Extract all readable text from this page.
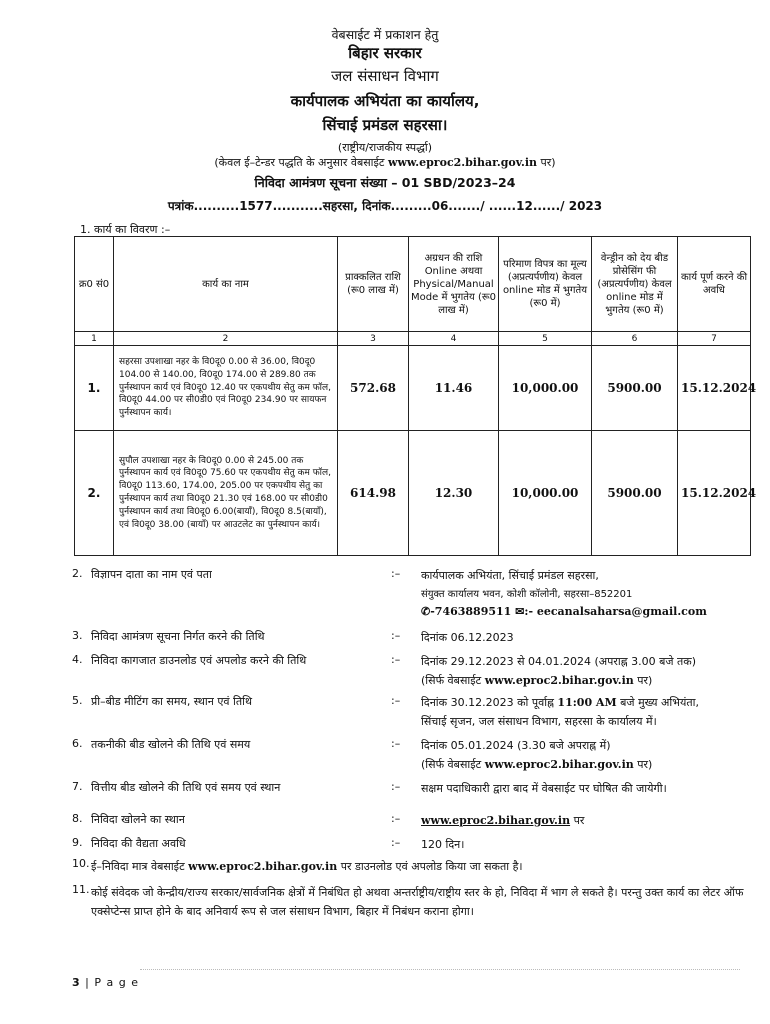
वेबसाईट में प्रकाशन हेतु
बिहार सरकार
जल संसाधन विभाग
कार्यपालक अभियंता का कार्यालय,
सिंचाई प्रमंडल सहरसा।
(राष्ट्रीय/राजकीय स्पर्द्धा)
(केवल ई–टेन्डर पद्धति के अनुसार वेबसाईट www.eproc2.bihar.gov.in पर)
निविदा आमंत्रण सूचना संख्या – 01 SBD/2023–24
पत्रांक..........1577...........सहरसा, दिनांक.........06......./ ......12....../ 2023
1. कार्य का विवरण :–
क्र0 सं0	कार्य का नाम	प्राक्कलित राशि (रू0 लाख में)	अग्रधन की राशि Online अथवा Physical/Manual Mode में भुगतेय (रू0 लाख में)	परिमाण विपत्र का मूल्य (अप्रत्यर्पणीय) केवल online मोड में भुगतेय (रू0 में)	वेन्ड्रीन को देय बीड प्रोसेसिंग फी (अप्रत्यर्पणीय) केवल online मोड में भुगतेय (रू0 में)	कार्य पूर्ण करने की अवधि
1	2	3	4	5	6	7
1.	सहरसा उपशाखा नहर के वि0दू0 0.00 से 36.00, वि0दू0 104.00 से 140.00, वि0दू0 174.00 से 289.80 तक पुर्नस्थापन कार्य एवं वि0दू0 12.40 पर एकपथीय सेतु कम फॉल, वि0दू0 44.00 पर सी0डी0 एवं नि0दू0 234.90 पर सायफन पुर्नस्थापन कार्य।	572.68	11.46	10,000.00	5900.00	15.12.2024
2.	सुपौल उपशाखा नहर के वि0दू0 0.00 से 245.00 तक पुर्नस्थापन कार्य एवं वि0दू0 75.60 पर एकपथीय सेतु कम फॉल, वि0दू0 113.60, 174.00, 205.00 पर एकपथीय सेतु का पुर्नस्थापन कार्य तथा वि0दू0 21.30 एवं 168.00 पर सी0डी0 पुर्नस्थापन कार्य तथा वि0दू0 6.00(बायाँ), वि0दू0 8.5(बायाँ), एवं वि0दू0 38.00 (बायाँ) पर आउटलेट का पुर्नस्थापन कार्य।	614.98	12.30	10,000.00	5900.00	15.12.2024
2. विज्ञापन दाता का नाम एवं पता	:– कार्यपालक अभियंता, सिंचाई प्रमंडल सहरसा,
संयुक्त कार्यालय भवन, कोशी कॉलोनी, सहरसा–852201
✆-7463889511 ✉:- eecanalsaharsa@gmail.com
3. निविदा आमंत्रण सूचना निर्गत करने की तिथि	:– दिनांक 06.12.2023
4. निविदा कागजात डाउनलोड एवं अपलोड करने की तिथि	:– दिनांक 29.12.2023 से 04.01.2024 (अपराह्न 3.00 बजे तक)
(सिर्फ वेबसाईट www.eproc2.bihar.gov.in पर)
5. प्री–बीड मीटिंग का समय, स्थान एवं तिथि	:– दिनांक 30.12.2023 को पूर्वाह्न 11:00 AM बजे मुख्य अभियंता,
सिंचाई सृजन, जल संसाधन विभाग, सहरसा के कार्यालय में।
6. तकनीकी बीड खोलने की तिथि एवं समय	:– दिनांक 05.01.2024 (3.30 बजे अपराह्न में)
(सिर्फ वेबसाईट www.eproc2.bihar.gov.in पर)
7. वित्तीय बीड खोलने की तिथि एवं समय एवं स्थान	:– सक्षम पदाधिकारी द्वारा बाद में वेबसाईट पर घोषित की जायेगी।
8. निविदा खोलने का स्थान	:– www.eproc2.bihar.gov.in पर
9. निविदा की वैद्यता अवधि	:– 120 दिन।
10. ई–निविदा मात्र वेबसाईट www.eproc2.bihar.gov.in पर डाउनलोड एवं अपलोड किया जा सकता है।
11. कोई संवेदक जो केन्द्रीय/राज्य सरकार/सार्वजनिक क्षेत्रों में निबंधित हो अथवा अन्तर्राष्ट्रीय/राष्ट्रीय स्तर के हो, निविदा में भाग ले सकते है। परन्तु उक्त कार्य का लेटर ऑफ एक्सेप्टेन्स प्राप्त होने के बाद अनिवार्य रूप से जल संसाधन विभाग, बिहार में निबंधन कराना होगा।
3 | P a g e
